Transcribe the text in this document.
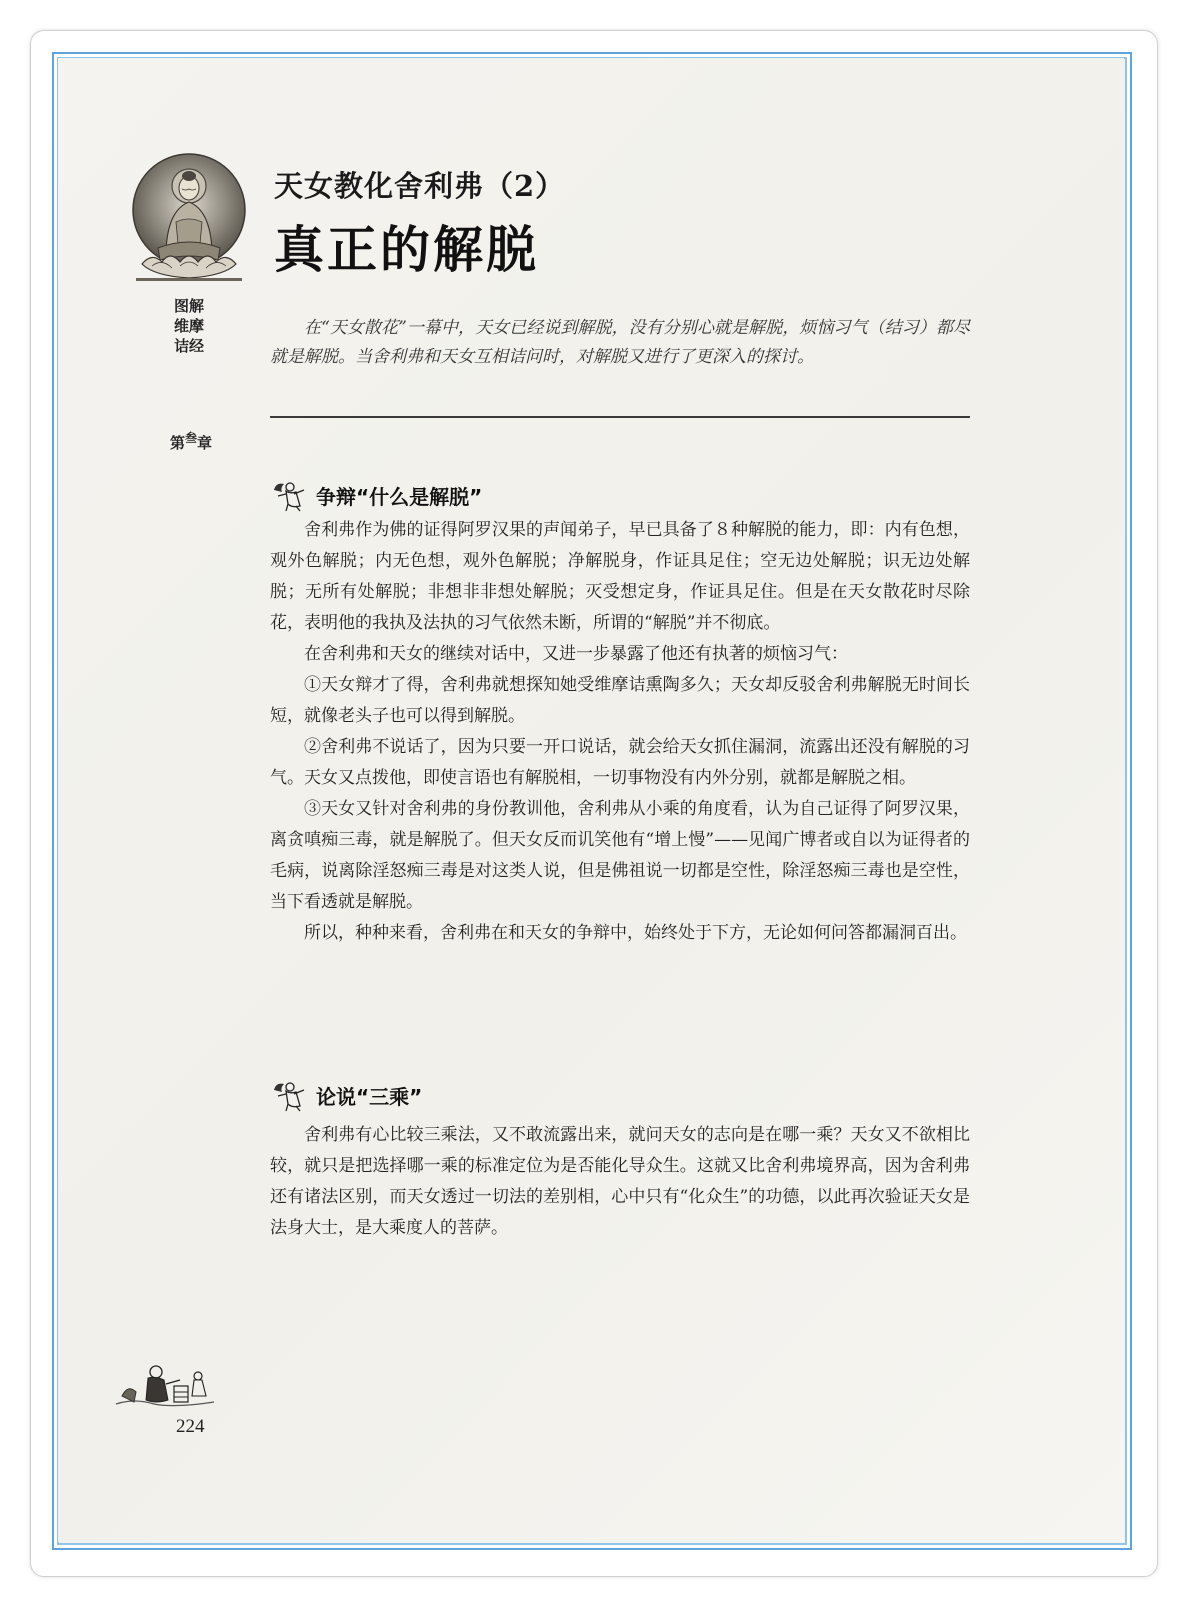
图解维摩诘经
第$^叁$章
天女教化舍利弗（2）
真正的解脱
在“天女散花”一幕中，天女已经说到解脱，没有分别心就是解脱，烦恼习气（结习）都尽就是解脱。当舍利弗和天女互相诘问时，对解脱又进行了更深入的探讨。
争辩“什么是解脱”

舍利弗作为佛的证得阿罗汉果的声闻弟子，早已具备了８种解脱的能力，即：内有色想，观外色解脱；内无色想，观外色解脱；净解脱身，作证具足住；空无边处解脱；识无边处解脱；无所有处解脱；非想非非想处解脱；灭受想定身，作证具足住。但是在天女散花时尽除花，表明他的我执及法执的习气依然未断，所谓的“解脱”并不彻底。

在舍利弗和天女的继续对话中，又进一步暴露了他还有执著的烦恼习气：

①天女辩才了得，舍利弗就想探知她受维摩诘熏陶多久；天女却反驳舍利弗解脱无时间长短，就像老头子也可以得到解脱。

②舍利弗不说话了，因为只要一开口说话，就会给天女抓住漏洞，流露出还没有解脱的习气。天女又点拨他，即使言语也有解脱相，一切事物没有内外分别，就都是解脱之相。

③天女又针对舍利弗的身份教训他，舍利弗从小乘的角度看，认为自己证得了阿罗汉果，离贪嗔痴三毒，就是解脱了。但天女反而讥笑他有“增上慢”——见闻广博者或自以为证得者的毛病，说离除淫怒痴三毒是对这类人说，但是佛祖说一切都是空性，除淫怒痴三毒也是空性，当下看透就是解脱。

所以，种种来看，舍利弗在和天女的争辩中，始终处于下方，无论如何问答都漏洞百出。

论说“三乘”

舍利弗有心比较三乘法，又不敢流露出来，就问天女的志向是在哪一乘？天女又不欲相比较，就只是把选择哪一乘的标准定位为是否能化导众生。这就又比舍利弗境界高，因为舍利弗还有诸法区别，而天女透过一切法的差别相，心中只有“化众生”的功德，以此再次验证天女是法身大士，是大乘度人的菩萨。

224
